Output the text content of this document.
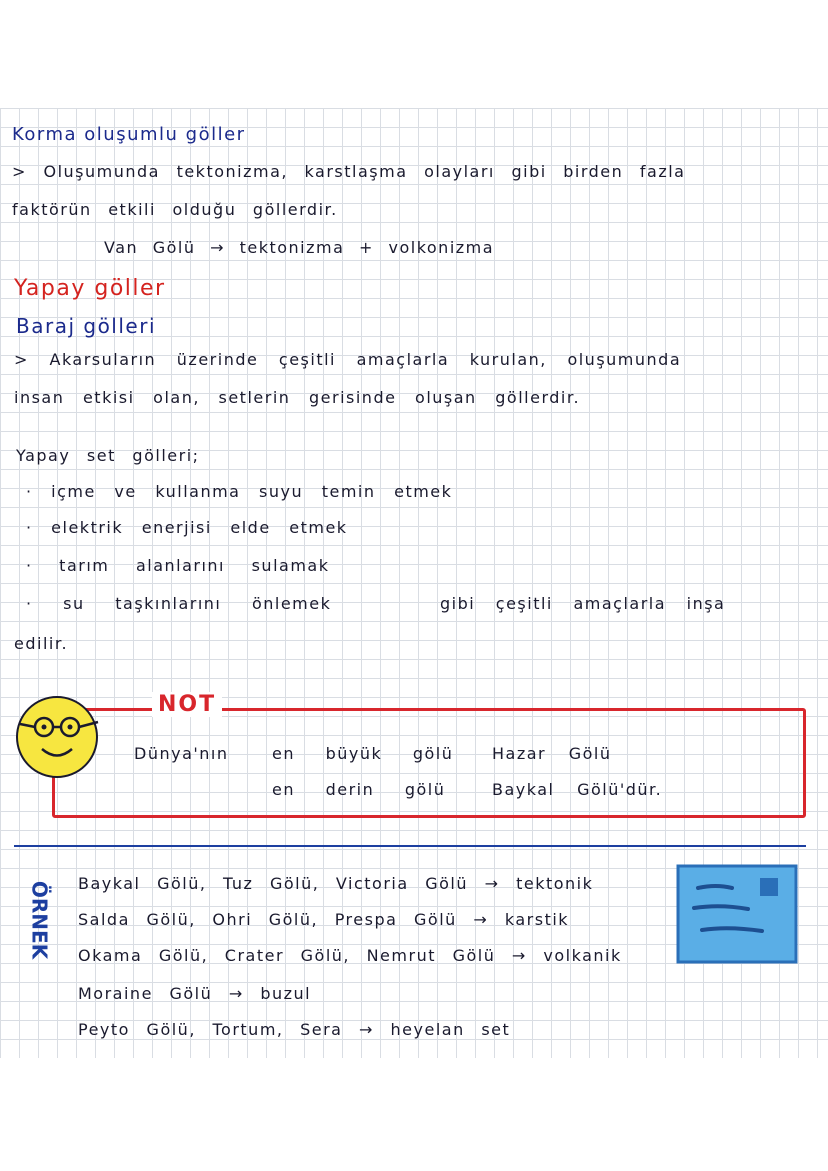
Korma oluşumlu göller
> Oluşumunda tektonizma, karstlaşma olayları gibi birden fazla
faktörün etkili olduğu göllerdir.
Van Gölü → tektonizma + volkonizma
Yapay göller
Baraj gölleri
> Akarsuların üzerinde çeşitli amaçlarla kurulan, oluşumunda
insan etkisi olan, setlerin gerisinde oluşan göllerdir.
Yapay set gölleri;
· içme ve kullanma suyu temin etmek
· elektrik enerjisi elde etmek
· tarım alanlarını sulamak
· su taşkınlarını önlemek	gibi çeşitli amaçlarla inşa
edilir.
NOT
Dünya'nın	en büyük gölü Hazar Gölü
en derin gölü	Baykal Gölü'dür.
ÖRNEK Baykal Gölü, Tuz Gölü, Victoria Gölü → tektonik
Salda Gölü, Ohri Gölü, Prespa Gölü → karstik
Okama Gölü, Crater Gölü, Nemrut Gölü → volkanik
Moraine Gölü → buzul
Peyto Gölü, Tortum, Sera → heyelan set
